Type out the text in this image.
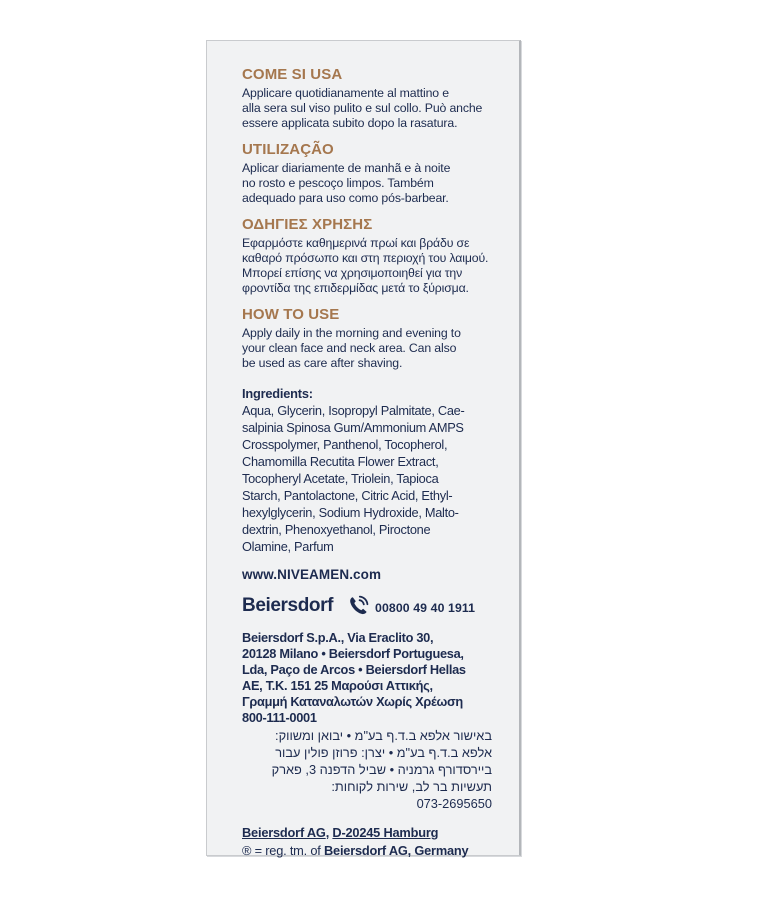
COME SI USA
Applicare quotidianamente al mattino e
alla sera sul viso pulito e sul collo. Può anche
essere applicata subito dopo la rasatura.
UTILIZAÇÃO
Aplicar diariamente de manhã e à noite
no rosto e pescoço limpos. Também
adequado para uso como pós-barbear.
ΟΔΗΓΙΕΣ ΧΡΗΣΗΣ
Εφαρμόστε καθημερινά πρωί και βράδυ σε
καθαρό πρόσωπο και στη περιοχή του λαιμού.
Μπορεί επίσης να χρησιμοποιηθεί για την
φροντίδα της επιδερμίδας μετά το ξύρισμα.
HOW TO USE
Apply daily in the morning and evening to
your clean face and neck area. Can also
be used as care after shaving.
Ingredients:
Aqua, Glycerin, Isopropyl Palmitate, Cae-
salpinia Spinosa Gum/Ammonium AMPS
Crosspolymer, Panthenol, Tocopherol,
Chamomilla Recutita Flower Extract,
Tocopheryl Acetate, Triolein, Tapioca
Starch, Pantolactone, Citric Acid, Ethyl-
hexylglycerin, Sodium Hydroxide, Malto-
dextrin, Phenoxyethanol, Piroctone
Olamine, Parfum
www.NIVEAMEN.com
Beiersdorf	00800 49 40 1911
Beiersdorf S.p.A., Via Eraclito 30,
20128 Milano • Beiersdorf Portuguesa,
Lda, Paço de Arcos • Beiersdorf Hellas
AE, T.K. 151 25 Μαρούσι Αττικής,
Γραμμή Καταναλωτών Χωρίς Χρέωση
800-111-0001
באישור אלפא ב.ד.ף בע"מ • יבואן ומשווק:
אלפא ב.ד.ף בע"מ • יצרן: פרוזן פולין עבור
ביירסדורף גרמניה • שביל הדפנה 3, פארק
תעשיות בר לב, שירות לקוחות:
073-2695650
Beiersdorf AG, D-20245 Hamburg
® = reg. tm. of Beiersdorf AG, Germany
